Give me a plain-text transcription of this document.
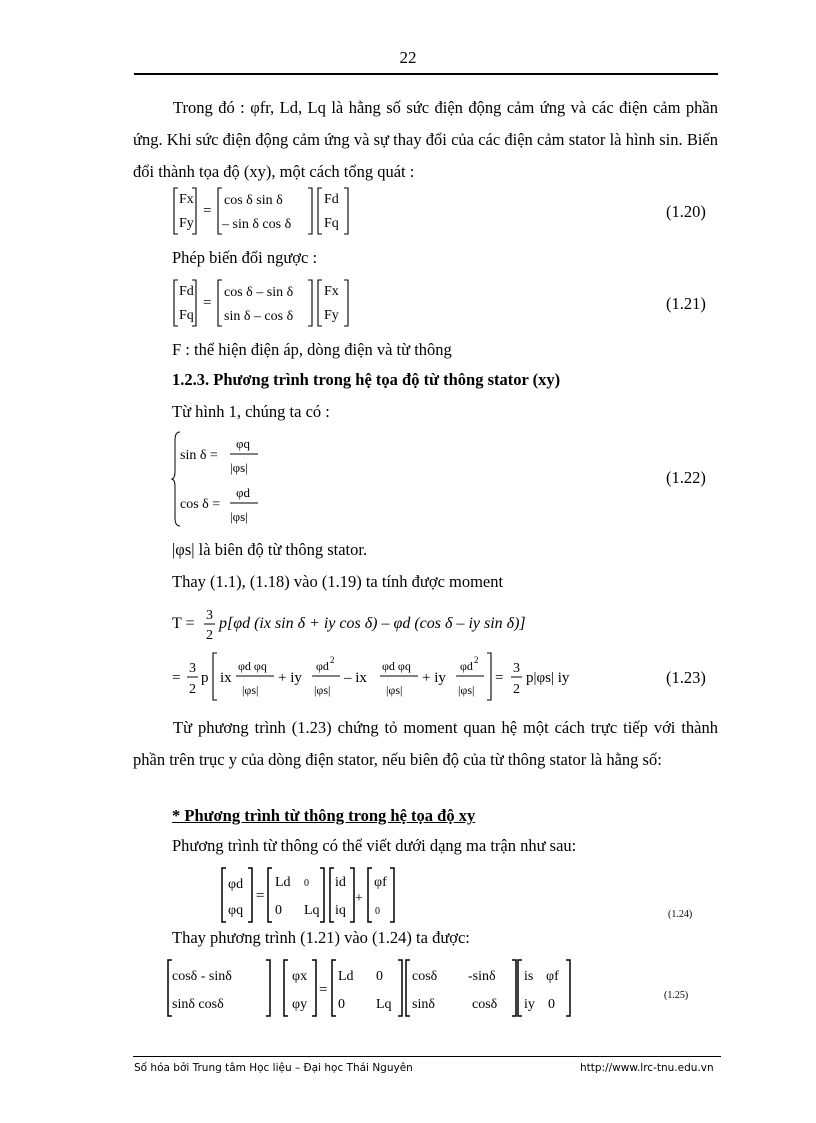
22
Trong đó : φfr, Ld, Lq là hằng số sức điện động cảm ứng và các điện cảm phần ứng. Khi sức điện động cảm ứng và sự thay đổi của các điện cảm stator là hình sin. Biến đổi thành tọa độ (xy), một cách tổng quát :
Fx
Fy
=
cos δ sin δ
– sin δ cos δ
Fd
Fq
(1.20)
Phép biến đổi ngược :
Fd
Fq
=
cos δ – sin δ
sin δ – cos δ
Fx
Fy
(1.21)
F : thể hiện điện áp, dòng điện và từ thông
1.2.3. Phương trình trong hệ tọa độ từ thông stator (xy)
Từ hình 1, chúng ta có :
sin δ =
φq
|φs|
cos δ =
φd
|φs|
(1.22)
|φs| là biên độ từ thông stator.
Thay (1.1), (1.18) vào (1.19) ta tính được moment
T = 3
2
p[φd (ix sin δ + iy cos δ) – φd (cos δ – iy sin δ)]
=
3
2
p ix
φd φq
|φs|
+ iy
φd 2
|φs|
– ix
φd φq
|φs|
+ iy
φd 2
|φs|
=
3
2
p|φs| iy	(1.23)
Từ phương trình (1.23) chứng tỏ moment quan hệ một cách trực tiếp với thành phần trên trục y của dòng điện stator, nếu biên độ của từ thông stator là hằng số:
* Phương trình từ thông trong hệ tọa độ xy
Phương trình từ thông có thể viết dưới dạng ma trận như sau:
φd
φq
=
Ld 0
0 Lq
id
iq
+
φf
0	(1.24)
Thay phương trình (1.21) vào (1.24) ta được:
cosδ - sinδ
sinδ cosδ
φx
φy
=
Ld 0
0 Lq
cosδ -sinδ
sinδ	cosδ
is φf
iy 0
(1.25)
Số hóa bởi Trung tâm Học liệu – Đại học Thái Nguyên	http://www.lrc-tnu.edu.vn
